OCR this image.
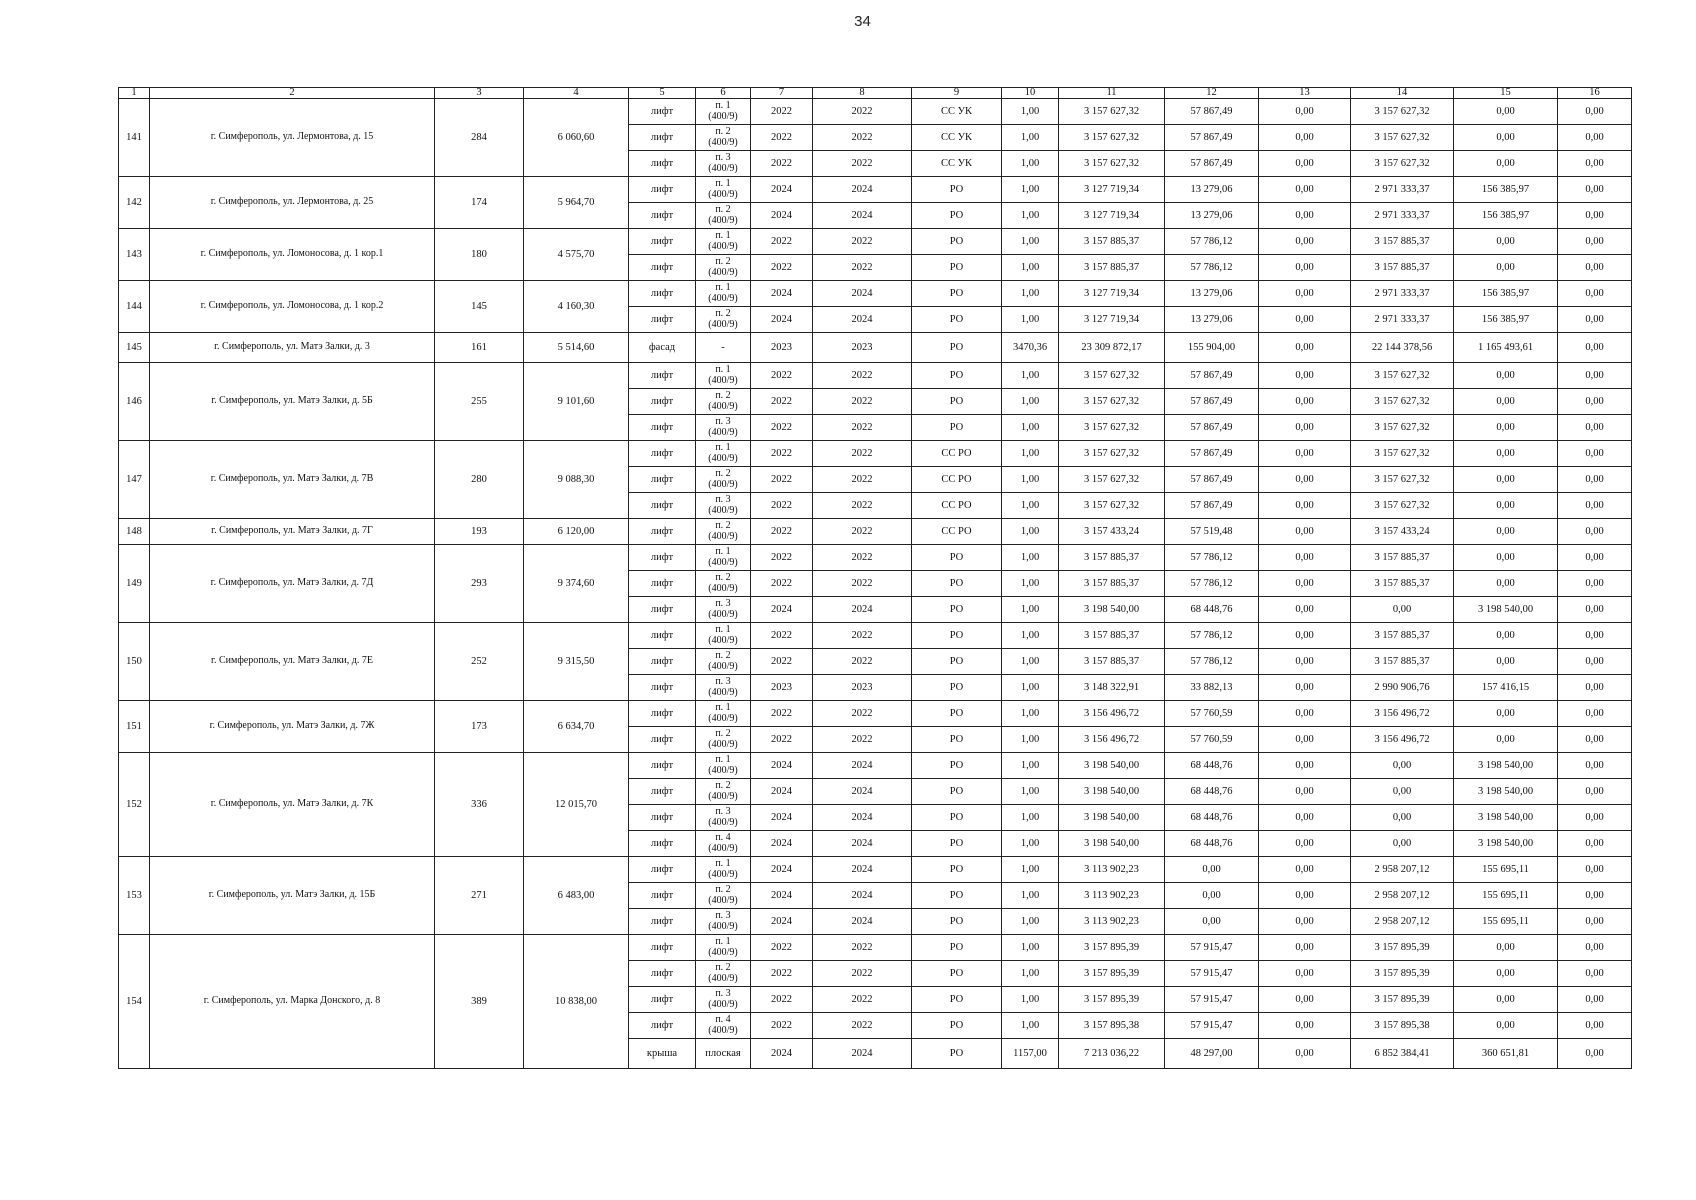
34
1	2	3	4	5	6	7	8	9	10	11	12	13	14	15	16
141	г. Симферополь, ул. Лермонтова, д. 15	284	6 060,60	лифт	п. 1
(400/9)	2022	2022	СС УК	1,00	3 157 627,32	57 867,49	0,00	3 157 627,32	0,00	0,00
				лифт	п. 2
(400/9)	2022	2022	СС УК	1,00	3 157 627,32	57 867,49	0,00	3 157 627,32	0,00	0,00
				лифт	п. 3
(400/9)	2022	2022	СС УК	1,00	3 157 627,32	57 867,49	0,00	3 157 627,32	0,00	0,00
142	г. Симферополь, ул. Лермонтова, д. 25	174	5 964,70	лифт	п. 1
(400/9)	2024	2024	РО	1,00	3 127 719,34	13 279,06	0,00	2 971 333,37	156 385,97	0,00
				лифт	п. 2
(400/9)	2024	2024	РО	1,00	3 127 719,34	13 279,06	0,00	2 971 333,37	156 385,97	0,00
143	г. Симферополь, ул. Ломоносова, д. 1 кор.1	180	4 575,70	лифт	п. 1
(400/9)	2022	2022	РО	1,00	3 157 885,37	57 786,12	0,00	3 157 885,37	0,00	0,00
				лифт	п. 2
(400/9)	2022	2022	РО	1,00	3 157 885,37	57 786,12	0,00	3 157 885,37	0,00	0,00
144	г. Симферополь, ул. Ломоносова, д. 1 кор.2	145	4 160,30	лифт	п. 1
(400/9)	2024	2024	РО	1,00	3 127 719,34	13 279,06	0,00	2 971 333,37	156 385,97	0,00
				лифт	п. 2
(400/9)	2024	2024	РО	1,00	3 127 719,34	13 279,06	0,00	2 971 333,37	156 385,97	0,00
145	г. Симферополь, ул. Матэ Залки, д. 3	161	5 514,60	фасад	-	2023	2023	РО	3470,36	23 309 872,17	155 904,00	0,00	22 144 378,56	1 165 493,61	0,00
146	г. Симферополь, ул. Матэ Залки, д. 5Б	255	9 101,60	лифт	п. 1
(400/9)	2022	2022	РО	1,00	3 157 627,32	57 867,49	0,00	3 157 627,32	0,00	0,00
				лифт	п. 2
(400/9)	2022	2022	РО	1,00	3 157 627,32	57 867,49	0,00	3 157 627,32	0,00	0,00
				лифт	п. 3
(400/9)	2022	2022	РО	1,00	3 157 627,32	57 867,49	0,00	3 157 627,32	0,00	0,00
147	г. Симферополь, ул. Матэ Залки, д. 7В	280	9 088,30	лифт	п. 1
(400/9)	2022	2022	СС РО	1,00	3 157 627,32	57 867,49	0,00	3 157 627,32	0,00	0,00
				лифт	п. 2
(400/9)	2022	2022	СС РО	1,00	3 157 627,32	57 867,49	0,00	3 157 627,32	0,00	0,00
				лифт	п. 3
(400/9)	2022	2022	СС РО	1,00	3 157 627,32	57 867,49	0,00	3 157 627,32	0,00	0,00
148	г. Симферополь, ул. Матэ Залки, д. 7Г	193	6 120,00	лифт	п. 2
(400/9)	2022	2022	СС РО	1,00	3 157 433,24	57 519,48	0,00	3 157 433,24	0,00	0,00
149	г. Симферополь, ул. Матэ Залки, д. 7Д	293	9 374,60	лифт	п. 1
(400/9)	2022	2022	РО	1,00	3 157 885,37	57 786,12	0,00	3 157 885,37	0,00	0,00
				лифт	п. 2
(400/9)	2022	2022	РО	1,00	3 157 885,37	57 786,12	0,00	3 157 885,37	0,00	0,00
				лифт	п. 3
(400/9)	2024	2024	РО	1,00	3 198 540,00	68 448,76	0,00	0,00	3 198 540,00	0,00
150	г. Симферополь, ул. Матэ Залки, д. 7Е	252	9 315,50	лифт	п. 1
(400/9)	2022	2022	РО	1,00	3 157 885,37	57 786,12	0,00	3 157 885,37	0,00	0,00
				лифт	п. 2
(400/9)	2022	2022	РО	1,00	3 157 885,37	57 786,12	0,00	3 157 885,37	0,00	0,00
				лифт	п. 3
(400/9)	2023	2023	РО	1,00	3 148 322,91	33 882,13	0,00	2 990 906,76	157 416,15	0,00
151	г. Симферополь, ул. Матэ Залки, д. 7Ж	173	6 634,70	лифт	п. 1
(400/9)	2022	2022	РО	1,00	3 156 496,72	57 760,59	0,00	3 156 496,72	0,00	0,00
				лифт	п. 2
(400/9)	2022	2022	РО	1,00	3 156 496,72	57 760,59	0,00	3 156 496,72	0,00	0,00
152	г. Симферополь, ул. Матэ Залки, д. 7К	336	12 015,70	лифт	п. 1
(400/9)	2024	2024	РО	1,00	3 198 540,00	68 448,76	0,00	0,00	3 198 540,00	0,00
				лифт	п. 2
(400/9)	2024	2024	РО	1,00	3 198 540,00	68 448,76	0,00	0,00	3 198 540,00	0,00
				лифт	п. 3
(400/9)	2024	2024	РО	1,00	3 198 540,00	68 448,76	0,00	0,00	3 198 540,00	0,00
				лифт	п. 4
(400/9)	2024	2024	РО	1,00	3 198 540,00	68 448,76	0,00	0,00	3 198 540,00	0,00
153	г. Симферополь, ул. Матэ Залки, д. 15Б	271	6 483,00	лифт	п. 1
(400/9)	2024	2024	РО	1,00	3 113 902,23	0,00	0,00	2 958 207,12	155 695,11	0,00
				лифт	п. 2
(400/9)	2024	2024	РО	1,00	3 113 902,23	0,00	0,00	2 958 207,12	155 695,11	0,00
				лифт	п. 3
(400/9)	2024	2024	РО	1,00	3 113 902,23	0,00	0,00	2 958 207,12	155 695,11	0,00
154	г. Симферополь, ул. Марка Донского, д. 8	389	10 838,00	лифт	п. 1
(400/9)	2022	2022	РО	1,00	3 157 895,39	57 915,47	0,00	3 157 895,39	0,00	0,00
				лифт	п. 2
(400/9)	2022	2022	РО	1,00	3 157 895,39	57 915,47	0,00	3 157 895,39	0,00	0,00
				лифт	п. 3
(400/9)	2022	2022	РО	1,00	3 157 895,39	57 915,47	0,00	3 157 895,39	0,00	0,00
				лифт	п. 4
(400/9)	2022	2022	РО	1,00	3 157 895,38	57 915,47	0,00	3 157 895,38	0,00	0,00
				крыша	плоская	2024	2024	РО	1157,00	7 213 036,22	48 297,00	0,00	6 852 384,41	360 651,81	0,00
